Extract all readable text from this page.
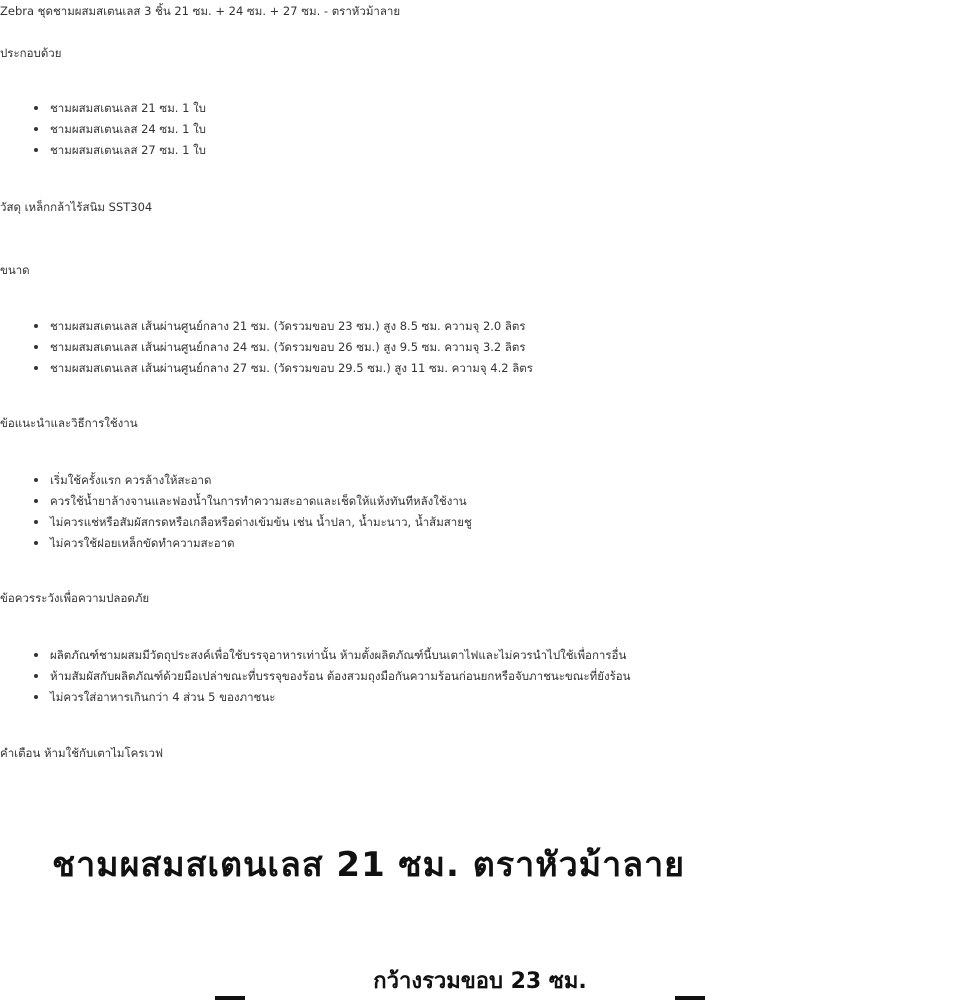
Zebra ชุดชามผสมสเตนเลส 3 ชิ้น 21 ซม. + 24 ซม. + 27 ซม. - ตราหัวม้าลาย
ประกอบด้วย
ชามผสมสเตนเลส 21 ซม. 1 ใบ
ชามผสมสเตนเลส 24 ซม. 1 ใบ
ชามผสมสเตนเลส 27 ซม. 1 ใบ
วัสดุ เหล็กกล้าไร้สนิม SST304
ขนาด
ชามผสมสเตนเลส เส้นผ่านศูนย์กลาง 21 ซม. (วัดรวมขอบ 23 ซม.) สูง 8.5 ซม. ความจุ 2.0 ลิตร
ชามผสมสเตนเลส เส้นผ่านศูนย์กลาง 24 ซม. (วัดรวมขอบ 26 ซม.) สูง 9.5 ซม. ความจุ 3.2 ลิตร
ชามผสมสเตนเลส เส้นผ่านศูนย์กลาง 27 ซม. (วัดรวมขอบ 29.5 ซม.) สูง 11 ซม. ความจุ 4.2 ลิตร
ข้อแนะนำและวิธีการใช้งาน
เริ่มใช้ครั้งแรก ควรล้างให้สะอาด
ควรใช้น้ำยาล้างจานและฟองน้ำในการทำความสะอาดและเช็ดให้แห้งทันทีหลังใช้งาน
ไม่ควรแช่หรือสัมผัสกรดหรือเกลือหรือด่างเข้มข้น เช่น น้ำปลา, น้ำมะนาว, น้ำส้มสายชู
ไม่ควรใช้ฝอยเหล็กขัดทำความสะอาด
ข้อควรระวังเพื่อความปลอดภัย
ผลิตภัณฑ์ชามผสมมีวัตถุประสงค์เพื่อใช้บรรจุอาหารเท่านั้น ห้ามตั้งผลิตภัณฑ์นี้บนเตาไฟและไม่ควรนำไปใช้เพื่อการอื่น
ห้ามสัมผัสกับผลิตภัณฑ์ด้วยมือเปล่าขณะที่บรรจุของร้อน ต้องสวมถุงมือกันความร้อนก่อนยกหรือจับภาชนะขณะที่ยังร้อน
ไม่ควรใส่อาหารเกินกว่า 4 ส่วน 5 ของภาชนะ
คำเตือน ห้ามใช้กับเตาไมโครเวฟ
ชามผสมสเตนเลส 21 ซม. ตราหัวม้าลาย
กว้างรวมขอบ 23 ซม.
